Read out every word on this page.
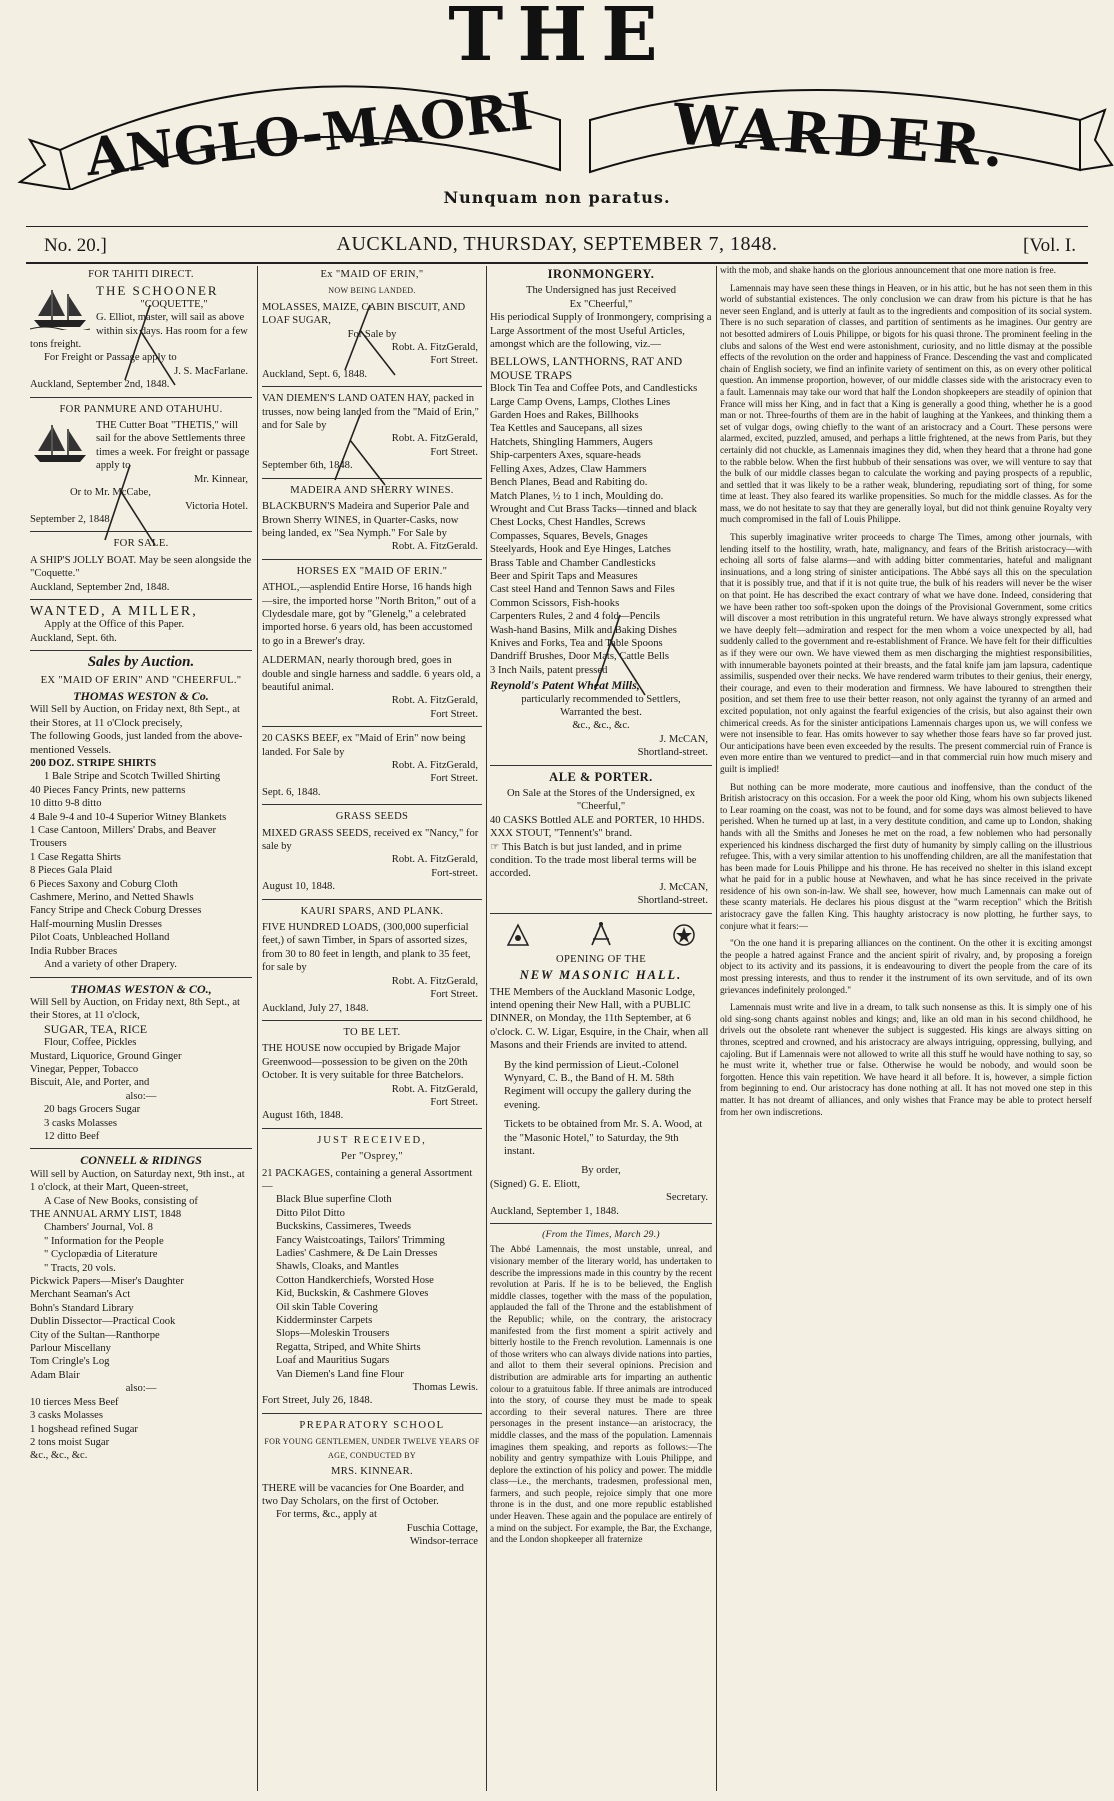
THE
ANGLO-MAORI WARDER.
Nunquam non paratus.
No. 20.]	AUCKLAND, THURSDAY, SEPTEMBER 7, 1848.	[Vol. I.
FOR TAHITI DIRECT.
THE SCHOONER
"COQUETTE,"
G. Elliot, master, will sail as above within six days. Has room for a few tons freight.
For Freight or Passage apply to
J. S. MacFarlane.
Auckland, September 2nd, 1848.
FOR PANMURE AND OTAHUHU.
THE Cutter Boat "THETIS," will sail for the above Settlements three times a week. For freight or passage apply to
Mr. Kinnear,
Or to Mr. McCabe,
Victoria Hotel.
September 2, 1848.
FOR SALE.
A SHIP'S JOLLY BOAT. May be seen alongside the "Coquette."
Auckland, September 2nd, 1848.
WANTED, A MILLER,
Apply at the Office of this Paper.
Auckland, Sept. 6th.
Sales by Auction.
EX "MAID OF ERIN" AND "CHEERFUL."
THOMAS WESTON & Co.
Will Sell by Auction, on Friday next, 8th Sept., at their Stores, at 11 o'Clock precisely,
The following Goods, just landed from the above-mentioned Vessels.
200 DOZ. STRIPE SHIRTS
1 Bale Stripe and Scotch Twilled Shirting
40 Pieces Fancy Prints, new patterns
10 ditto 9-8 ditto
4 Bale 9-4 and 10-4 Superior Witney Blankets
1 Case Cantoon, Millers' Drabs, and Beaver Trousers
1 Case Regatta Shirts
8 Pieces Gala Plaid
6 Pieces Saxony and Coburg Cloth
Cashmere, Merino, and Netted Shawls
Fancy Stripe and Check Coburg Dresses
Half-mourning Muslin Dresses
Pilot Coats, Unbleached Holland
India Rubber Braces
And a variety of other Drapery.
THOMAS WESTON & CO.,
Will Sell by Auction, on Friday next, 8th Sept., at their Stores, at 11 o'clock,
SUGAR, TEA, RICE
Flour, Coffee, Pickles
Mustard, Liquorice, Ground Ginger
Vinegar, Pepper, Tobacco
Biscuit, Ale, and Porter, and
also:—
20 bags Grocers Sugar
3 casks Molasses
12 ditto Beef
CONNELL & RIDINGS
Will sell by Auction, on Saturday next, 9th inst., at 1 o'clock, at their Mart, Queen-street,
A Case of New Books, consisting of
THE ANNUAL ARMY LIST, 1848
Chambers' Journal, Vol. 8
" Information for the People
" Cyclopædia of Literature
" Tracts, 20 vols.
Pickwick Papers—Miser's Daughter
Merchant Seaman's Act
Bohn's Standard Library
Dublin Dissector—Practical Cook
City of the Sultan—Ranthorpe
Parlour Miscellany
Tom Cringle's Log
Adam Blair
also:—
10 tierces Mess Beef
3 casks Molasses
1 hogshead refined Sugar
2 tons moist Sugar
&c., &c., &c.
Ex "MAID OF ERIN,"
NOW BEING LANDED.
MOLASSES, MAIZE, CABIN BISCUIT, AND LOAF SUGAR,
For Sale by
Robt. A. FitzGerald,
Fort Street.
Auckland, Sept. 6, 1848.
VAN DIEMEN'S LAND OATEN HAY, packed in trusses, now being landed from the "Maid of Erin," and for Sale by
Robt. A. FitzGerald,
Fort Street.
September 6th, 1848.
MADEIRA AND SHERRY WINES.
BLACKBURN'S Madeira and Superior Pale and Brown Sherry WINES, in Quarter-Casks, now being landed, ex "Sea Nymph." For Sale by
Robt. A. FitzGerald.
HORSES EX "MAID OF ERIN."
ATHOL,—asplendid Entire Horse, 16 hands high—sire, the imported horse "North Briton," out of a Clydesdale mare, got by "Glenelg," a celebrated imported horse. 6 years old, has been accustomed to go in a Brewer's dray.
ALDERMAN, nearly thorough bred, goes in double and single harness and saddle. 6 years old, a beautiful animal.
Robt. A. FitzGerald,
Fort Street.
20 CASKS BEEF, ex "Maid of Erin" now being landed. For Sale by
Robt. A. FitzGerald,
Fort Street.
Sept. 6, 1848.
GRASS SEEDS
MIXED GRASS SEEDS, received ex "Nancy," for sale by
Robt. A. FitzGerald,
Fort-street.
August 10, 1848.
KAURI SPARS, AND PLANK.
FIVE HUNDRED LOADS, (300,000 superficial feet,) of sawn Timber, in Spars of assorted sizes, from 30 to 80 feet in length, and plank to 35 feet, for sale by
Robt. A. FitzGerald,
Fort Street.
Auckland, July 27, 1848.
TO BE LET.
THE HOUSE now occupied by Brigade Major Greenwood—possession to be given on the 20th October. It is very suitable for three Batchelors.
Robt. A. FitzGerald,
Fort Street.
August 16th, 1848.
JUST RECEIVED,
Per "Osprey,"
21 PACKAGES, containing a general Assortment—
Black Blue superfine Cloth
Ditto Pilot Ditto
Buckskins, Cassimeres, Tweeds
Fancy Waistcoatings, Tailors' Trimming
Ladies' Cashmere, & De Lain Dresses
Shawls, Cloaks, and Mantles
Cotton Handkerchiefs, Worsted Hose
Kid, Buckskin, & Cashmere Gloves
Oil skin Table Covering
Kidderminster Carpets
Slops—Moleskin Trousers
Regatta, Striped, and White Shirts
Loaf and Mauritius Sugars
Van Diemen's Land fine Flour
Thomas Lewis.
Fort Street, July 26, 1848.
PREPARATORY SCHOOL
FOR YOUNG GENTLEMEN, UNDER TWELVE YEARS OF AGE, CONDUCTED BY
MRS. KINNEAR.
THERE will be vacancies for One Boarder, and two Day Scholars, on the first of October.
For terms, &c., apply at
Fuschia Cottage,
Windsor-terrace
IRONMONGERY.
The Undersigned has just Received
Ex "Cheerful,"
His periodical Supply of Ironmongery, comprising a Large Assortment of the most Useful Articles, amongst which are the following, viz.—
BELLOWS, LANTHORNS, RAT AND MOUSE TRAPS
Block Tin Tea and Coffee Pots, and Candlesticks
Large Camp Ovens, Lamps, Clothes Lines
Garden Hoes and Rakes, Billhooks
Tea Kettles and Saucepans, all sizes
Hatchets, Shingling Hammers, Augers
Ship-carpenters Axes, square-heads
Felling Axes, Adzes, Claw Hammers
Bench Planes, Bead and Rabiting do.
Match Planes, ½ to 1 inch, Moulding do.
Wrought and Cut Brass Tacks—tinned and black
Chest Locks, Chest Handles, Screws
Compasses, Squares, Bevels, Gnages
Steelyards, Hook and Eye Hinges, Latches
Brass Table and Chamber Candlesticks
Beer and Spirit Taps and Measures
Cast steel Hand and Tennon Saws and Files
Common Scissors, Fish-hooks
Carpenters Rules, 2 and 4 fold—Pencils
Wash-hand Basins, Milk and Baking Dishes
Knives and Forks, Tea and Table Spoons
Dandriff Brushes, Door Mats, Cattle Bells
3 Inch Nails, patent pressed
Reynold's Patent Wheat Mills,
particularly recommended to Settlers,
Warranted the best.
&c., &c., &c.
J. McCAN,
Shortland-street.
ALE & PORTER.
On Sale at the Stores of the Undersigned, ex "Cheerful,"
40 CASKS Bottled ALE and PORTER, 10 HHDS. XXX STOUT, "Tennent's" brand.
☞ This Batch is but just landed, and in prime condition. To the trade most liberal terms will be accorded.
J. McCAN,
Shortland-street.
OPENING OF THE
NEW MASONIC HALL.
THE Members of the Auckland Masonic Lodge, intend opening their New Hall, with a PUBLIC DINNER, on Monday, the 11th September, at 6 o'clock. C. W. Ligar, Esquire, in the Chair, when all Masons and their Friends are invited to attend.
By the kind permission of Lieut.-Colonel Wynyard, C. B., the Band of H. M. 58th Regiment will occupy the gallery during the evening.
Tickets to be obtained from Mr. S. A. Wood, at the "Masonic Hotel," to Saturday, the 9th instant.
By order,
(Signed) G. E. Eliott,
Secretary.
Auckland, September 1, 1848.
(From the Times, March 29.)
The Abbé Lamennais, the most unstable, unreal, and visionary member of the literary world, has undertaken to describe the impressions made in this country by the recent revolution at Paris. If he is to be believed, the English middle classes, together with the mass of the population, applauded the fall of the Throne and the establishment of the Republic; while, on the contrary, the aristocracy manifested from the first moment a spirit actively and bitterly hostile to the French revolution. Lamennais is one of those writers who can always divide nations into parties, and allot to them their several opinions. Precision and distribution are admirable arts for imparting an authentic colour to a gratuitous fable. If three animals are introduced into the story, of course they must be made to speak according to their several natures. There are three personages in the present instance—an aristocracy, the middle classes, and the mass of the population. Lamennais imagines them speaking, and reports as follows:—The nobility and gentry sympathize with Louis Philippe, and deplore the extinction of his policy and power. The middle class—i.e., the merchants, tradesmen, professional men, farmers, and such people, rejoice simply that one more throne is in the dust, and one more republic established under Heaven. These again and the populace are entirely of a mind on the subject. For example, the Bar, the Exchange, and the London shopkeeper all fraternize
with the mob, and shake hands on the glorious announcement that one more nation is free.
Lamennais may have seen these things in Heaven, or in his attic, but he has not seen them in this world of substantial existences. The only conclusion we can draw from his picture is that he has never seen England, and is utterly at fault as to the ingredients and composition of its social system. There is no such separation of classes, and partition of sentiments as he imagines. Our gentry are not besotted admirers of Louis Philippe, or bigots for his quasi throne. The prominent feeling in the clubs and salons of the West end were astonishment, curiosity, and no little dismay at the possible effects of the revolution on the order and happiness of France. Descending the vast and complicated chain of English society, we find an infinite variety of sentiment on this, as on every other political question. An immense proportion, however, of our middle classes side with the aristocracy even to a fault. Lamennais may take our word that half the London shopkeepers are steadily of opinion that France will miss her King, and in fact that a King is generally a good thing, whether he is a good man or not. Three-fourths of them are in the habit of laughing at the Yankees, and thinking them a set of vulgar dogs, owing chiefly to the want of an aristocracy and a Court. These persons were alarmed, excited, puzzled, amused, and perhaps a little frightened, at the news from Paris, but they certainly did not chuckle, as Lamennais imagines they did, when they heard that a throne had gone to the rabble below. When the first hubbub of their sensations was over, we will venture to say that the bulk of our middle classes began to calculate the working and paying prospects of a republic, and settled that it was likely to be a rather weak, blundering, repudiating sort of thing, for some time at least. They also feared its warlike propensities. So much for the middle classes. As for the mass, we do not hesitate to say that they are generally loyal, but did not think genuine Royalty very much compromised in the fall of Louis Philippe.
This superbly imaginative writer proceeds to charge The Times, among other journals, with lending itself to the hostility, wrath, hate, malignancy, and fears of the British aristocracy—with echoing all sorts of false alarms—and with adding bitter commentaries, hateful and malignant insinuations, and a long string of sinister anticipations. The Abbé says all this on the speculation that it is possibly true, and that if it is not quite true, the bulk of his readers will never be the wiser on that point. He has described the exact contrary of what we have done. Indeed, considering that we have been rather too soft-spoken upon the doings of the Provisional Government, some critics will discover a most retribution in this ungrateful return. We have always strongly expressed what we have deeply felt—admiration and respect for the men whom a voice unexpected by all, had suddenly called to the government and re-establishment of France. We have felt for their difficulties as if they were our own. We have viewed them as men discharging the mightiest responsibilities, with innumerable bayonets pointed at their breasts, and the fatal knife jam jam lapsura, cadentique assimilis, suspended over their necks. We have rendered warm tributes to their genius, their energy, their courage, and even to their moderation and firmness. We have laboured to strengthen their position, and set them free to use their better reason, not only against the tyranny of an armed and excited population, not only against the fearful exigencies of the crisis, but also against their own chimerical creeds. As for the sinister anticipations Lamennais charges upon us, we will confess we were not insensible to fear. Has omits however to say whether those fears have so far proved just. Our anticipations have been even exceeded by the results. The present commercial ruin of France is even more entire than we ventured to predict—and in that commercial ruin how much misery and guilt is implied!
But nothing can be more moderate, more cautious and inoffensive, than the conduct of the British aristocracy on this occasion. For a week the poor old King, whom his own subjects likened to Lear roaming on the coast, was not to be found, and for some days was almost believed to have perished. When he turned up at last, in a very destitute condition, and came up to London, shaking hands with all the Smiths and Joneses he met on the road, a few noblemen who had personally experienced his kindness discharged the first duty of humanity by simply calling on the illustrious refugee. This, with a very similar attention to his unoffending children, are all the manifestation that has been made for Louis Philippe and his throne. He has received no shelter in this island except what he paid for in a public house at Newhaven, and what he has since received in the private residence of his own son-in-law. We shall see, however, how much Lamennais can make out of these scanty materials. He declares his pious disgust at the "warm reception" which the British aristocracy gave the fallen King. This haughty aristocracy is now plotting, he further says, to conjure what it fears:—
"On the one hand it is preparing alliances on the continent. On the other it is exciting amongst the people a hatred against France and the ancient spirit of rivalry, and, by proposing a foreign object to its activity and its passions, it is endeavouring to divert the people from the care of its most pressing interests, and thus to render it the instrument of its own servitude, and of its own grievances indefinitely prolonged."
Lamennais must write and live in a dream, to talk such nonsense as this. It is simply one of his old sing-song chants against nobles and kings; and, like an old man in his second childhood, he drivels out the obsolete rant whenever the subject is suggested. His kings are always sitting on thrones, sceptred and crowned, and his aristocracy are always intriguing, oppressing, bullying, and cajoling. But if Lamennais were not allowed to write all this stuff he would have nothing to say, so he must write it, whether true or false. Otherwise he would be nobody, and would soon be forgotten. Hence this vain repetition. We have heard it all before. It is, however, a simple fiction from beginning to end. Our aristocracy has done nothing at all. It has not moved one step in this matter. It has not dreamt of alliances, and only wishes that France may be able to protect herself from her own indiscretions.
